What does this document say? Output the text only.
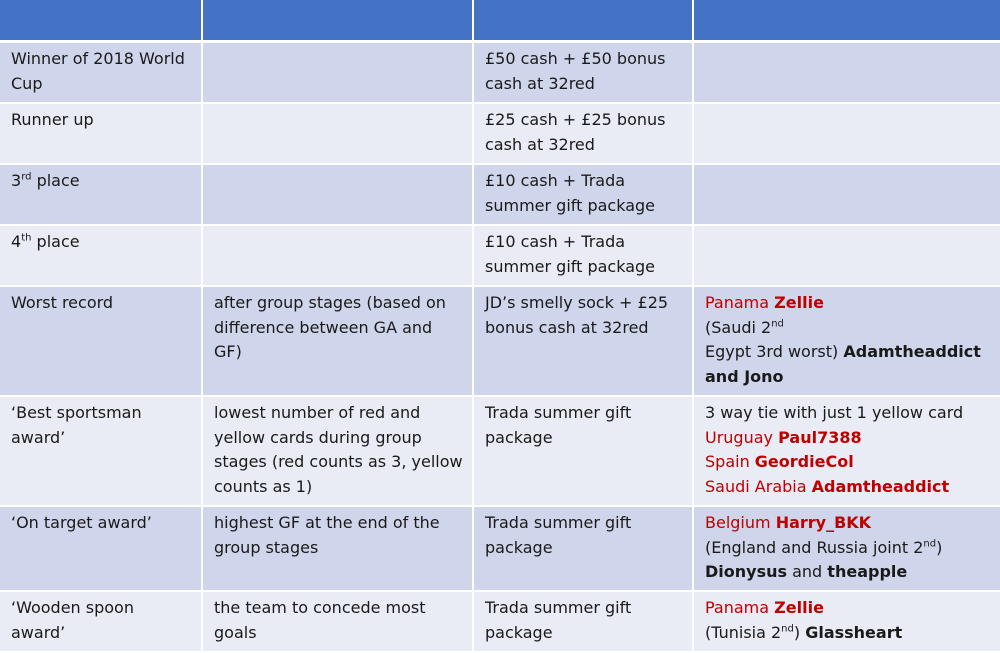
Winner of 2018 World Cup		£50 cash + £50 bonus cash at 32red	
Runner up		£25 cash + £25 bonus cash at 32red	
3rd place		£10 cash + Trada summer gift package	
4th place		£10 cash + Trada summer gift package	
Worst record	after group stages (based on difference between GA and GF)	JD’s smelly sock + £25 bonus cash at 32red	Panama Zellie
(Saudi 2nd
Egypt 3rd worst) Adamtheaddict and Jono

‘Best sportsman award’	lowest number of red and yellow cards during group stages (red counts as 3, yellow counts as 1)	Trada summer gift package	3 way tie with just 1 yellow card
Uruguay Paul7388
Spain GeordieCol
Saudi Arabia Adamtheaddict

‘On target award’	highest GF at the end of the group stages	Trada summer gift package	Belgium Harry_BKK
(England and Russia joint 2nd)
Dionysus and theapple

‘Wooden spoon award’	the team to concede most goals	Trada summer gift package	Panama Zellie
(Tunisia 2nd) Glassheart
